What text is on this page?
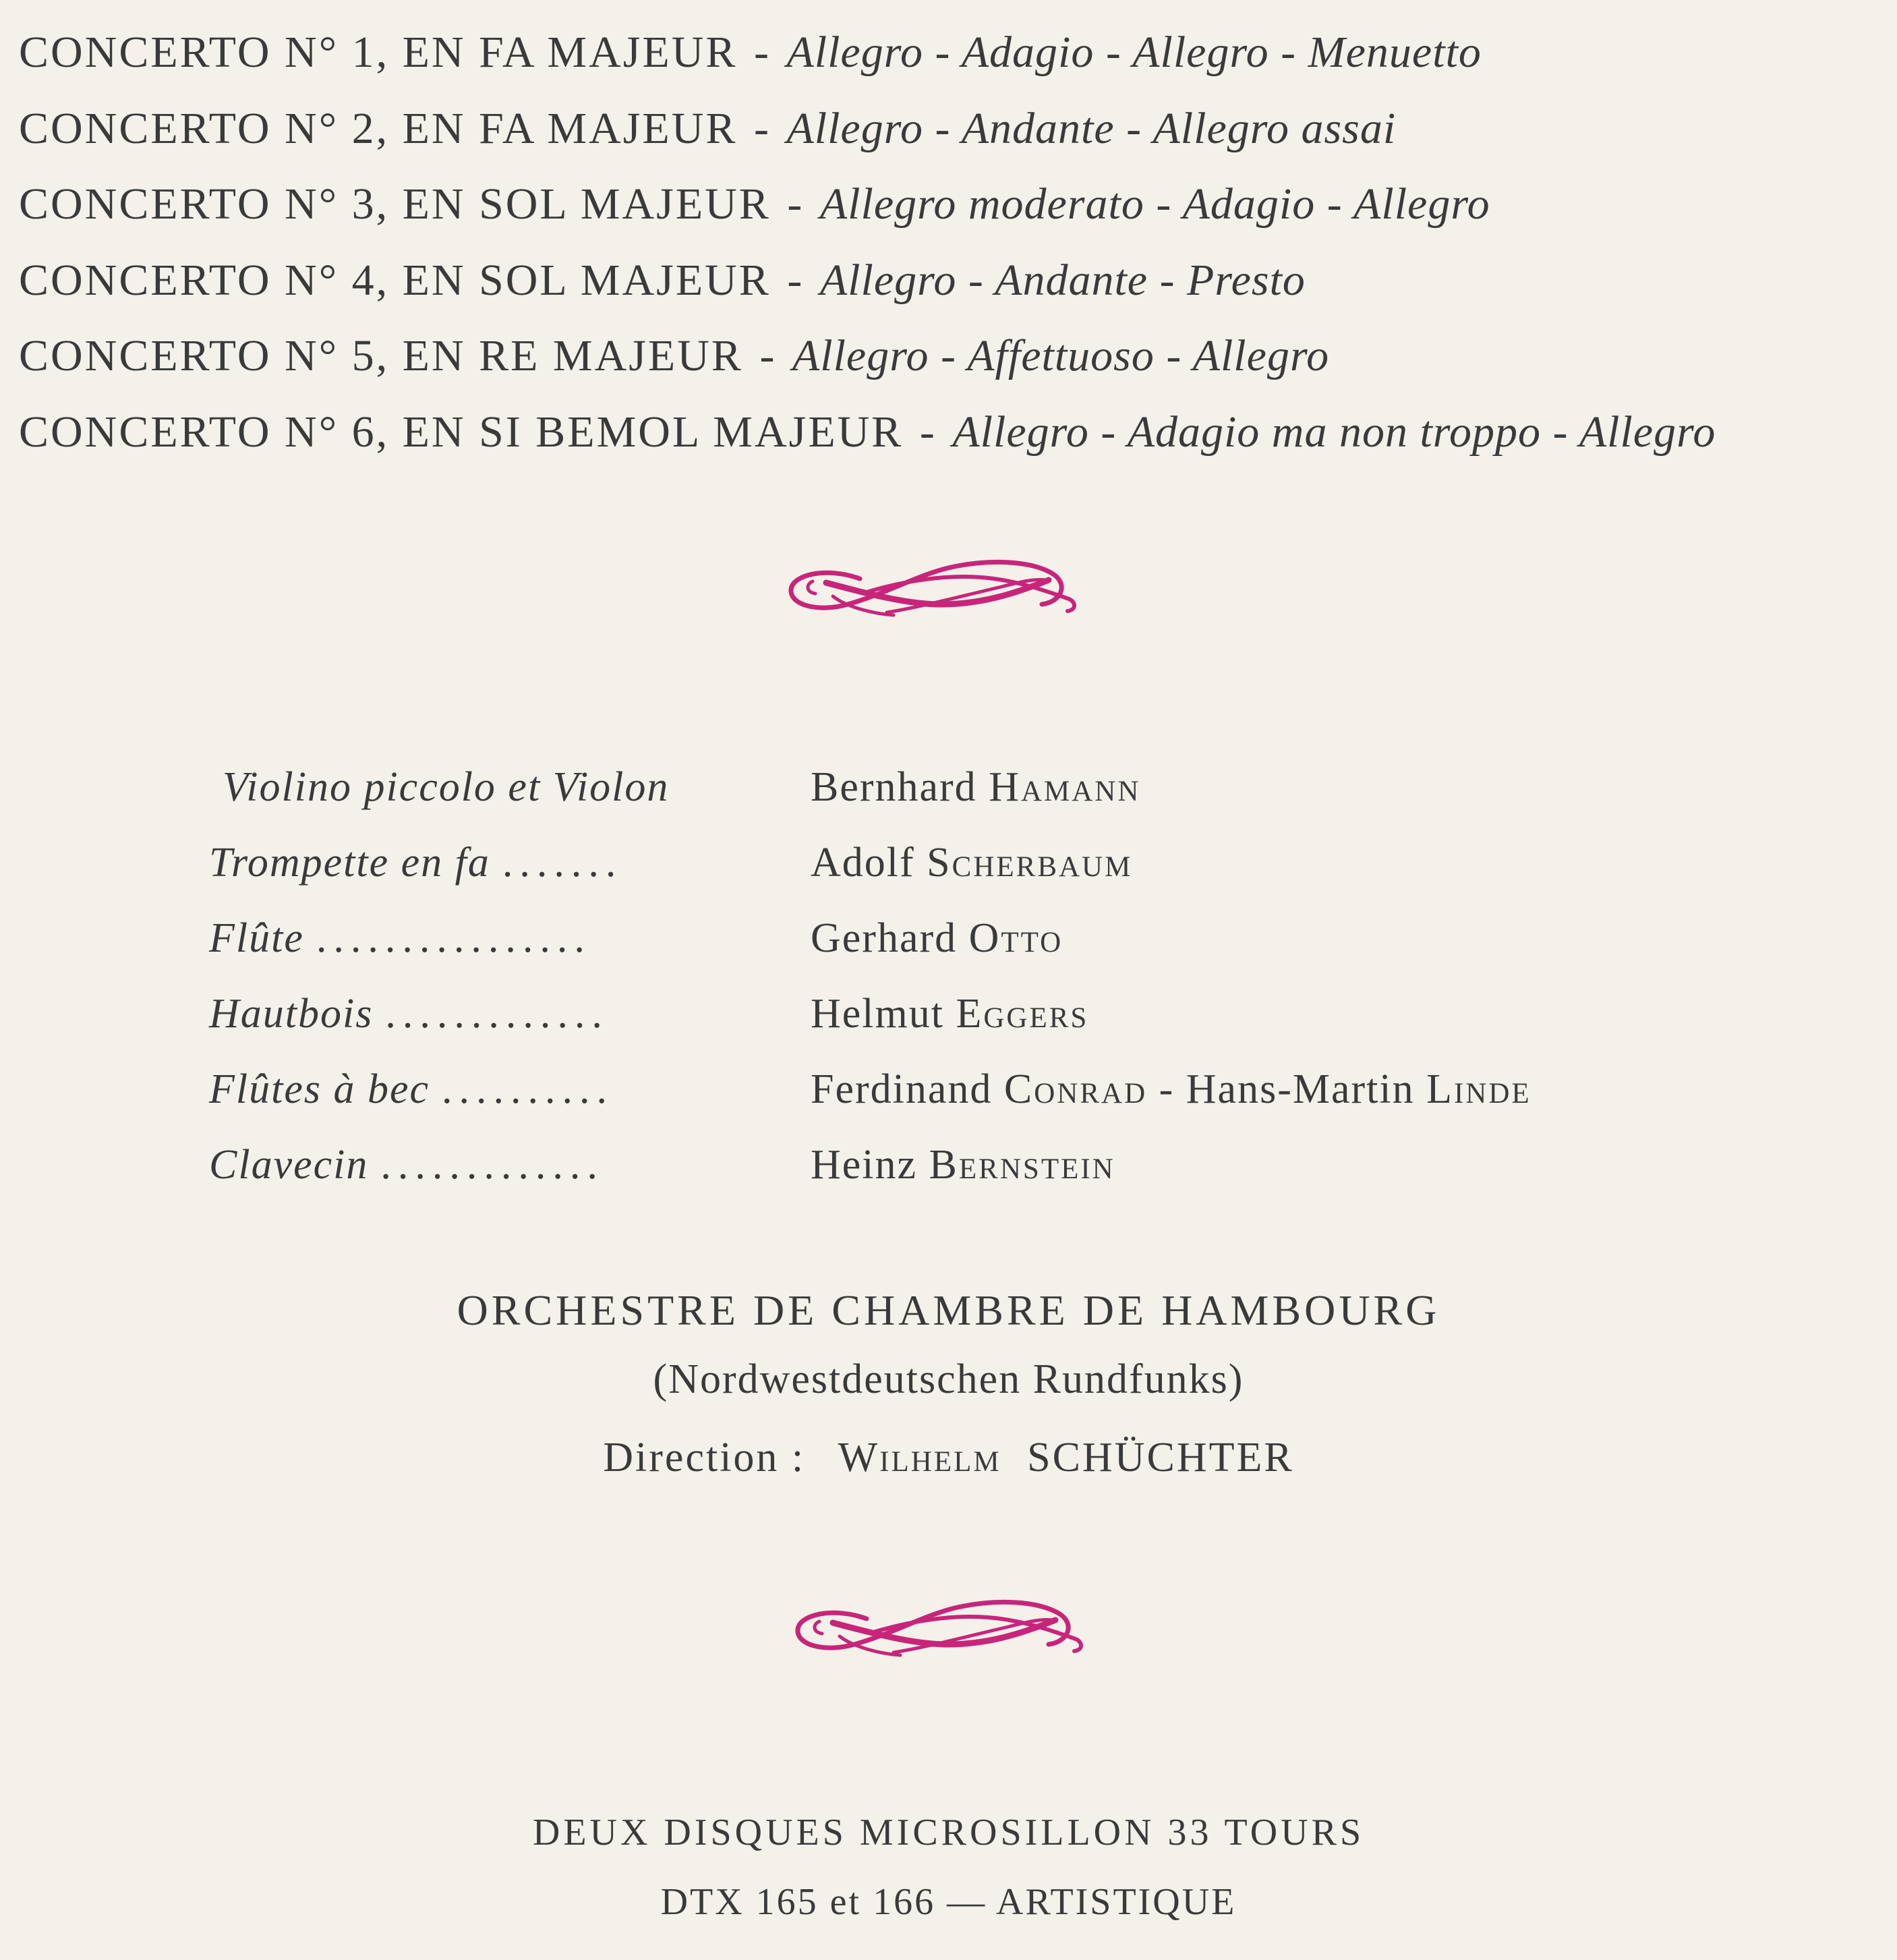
CONCERTO N° 1, EN FA MAJEUR - Allegro - Adagio - Allegro - Menuetto
CONCERTO N° 2, EN FA MAJEUR - Allegro - Andante - Allegro assai
CONCERTO N° 3, EN SOL MAJEUR - Allegro moderato - Adagio - Allegro
CONCERTO N° 4, EN SOL MAJEUR - Allegro - Andante - Presto
CONCERTO N° 5, EN RE MAJEUR - Allegro - Affettuoso - Allegro
CONCERTO N° 6, EN SI BEMOL MAJEUR - Allegro - Adagio ma non troppo - Allegro
Violino piccolo et Violon	Bernhard Hamann
Trompette en fa .......	Adolf Scherbaum
Flûte ................	Gerhard Otto
Hautbois .............	Helmut Eggers
Flûtes à bec ..........	Ferdinand Conrad - Hans-Martin Linde
Clavecin .............	Heinz Bernstein
ORCHESTRE DE CHAMBRE DE HAMBOURG
(Nordwestdeutschen Rundfunks)
Direction : Wilhelm SCHÜCHTER
DEUX DISQUES MICROSILLON 33 TOURS
DTX 165 et 166 — ARTISTIQUE
